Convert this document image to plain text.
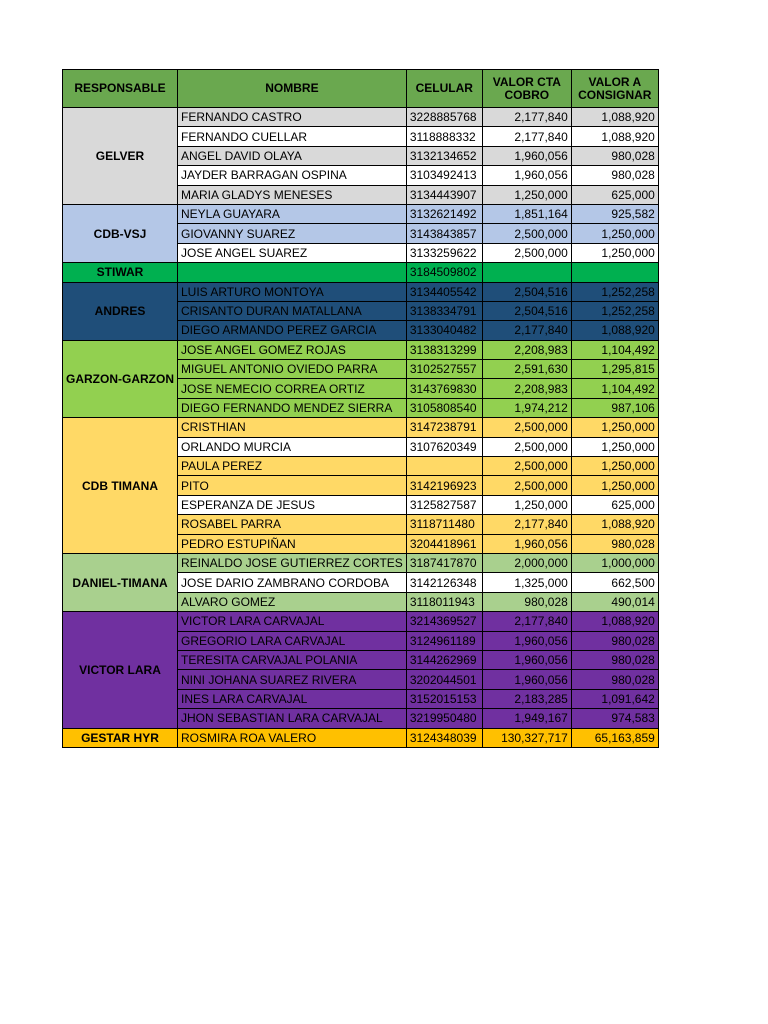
RESPONSABLE	NOMBRE	CELULAR	VALOR CTA COBRO	VALOR A CONSIGNAR
GELVER	FERNANDO CASTRO	3228885768	2,177,840	1,088,920
	FERNANDO CUELLAR	3118888332	2,177,840	1,088,920
	ANGEL DAVID OLAYA	3132134652	1,960,056	980,028
	JAYDER BARRAGAN OSPINA	3103492413	1,960,056	980,028
	MARIA GLADYS MENESES	3134443907	1,250,000	625,000
CDB-VSJ	NEYLA GUAYARA	3132621492	1,851,164	925,582
	GIOVANNY SUAREZ	3143843857	2,500,000	1,250,000
	JOSE ANGEL SUAREZ	3133259622	2,500,000	1,250,000
STIWAR		3184509802		
ANDRES	LUIS ARTURO MONTOYA	3134405542	2,504,516	1,252,258
	CRISANTO DURAN MATALLANA	3138334791	2,504,516	1,252,258
	DIEGO ARMANDO PEREZ GARCIA	3133040482	2,177,840	1,088,920
GARZON-GARZON	JOSE ANGEL GOMEZ ROJAS	3138313299	2,208,983	1,104,492
	MIGUEL ANTONIO OVIEDO PARRA	3102527557	2,591,630	1,295,815
	JOSE NEMECIO CORREA ORTIZ	3143769830	2,208,983	1,104,492
	DIEGO FERNANDO MENDEZ SIERRA	3105808540	1,974,212	987,106
CDB TIMANA	CRISTHIAN	3147238791	2,500,000	1,250,000
	ORLANDO MURCIA	3107620349	2,500,000	1,250,000
	PAULA PEREZ		2,500,000	1,250,000
	PITO	3142196923	2,500,000	1,250,000
	ESPERANZA DE JESUS	3125827587	1,250,000	625,000
	ROSABEL PARRA	3118711480	2,177,840	1,088,920
	PEDRO ESTUPIÑAN	3204418961	1,960,056	980,028
DANIEL-TIMANA	REINALDO JOSE GUTIERREZ CORTES	3187417870	2,000,000	1,000,000
	JOSE DARIO ZAMBRANO CORDOBA	3142126348	1,325,000	662,500
	ALVARO GOMEZ	3118011943	980,028	490,014
VICTOR LARA	VICTOR LARA CARVAJAL	3214369527	2,177,840	1,088,920
	GREGORIO LARA CARVAJAL	3124961189	1,960,056	980,028
	TERESITA CARVAJAL POLANIA	3144262969	1,960,056	980,028
	NINI JOHANA SUAREZ RIVERA	3202044501	1,960,056	980,028
	INES LARA CARVAJAL	3152015153	2,183,285	1,091,642
	JHON SEBASTIAN LARA CARVAJAL	3219950480	1,949,167	974,583
GESTAR HYR	ROSMIRA ROA VALERO	3124348039	130,327,717	65,163,859
